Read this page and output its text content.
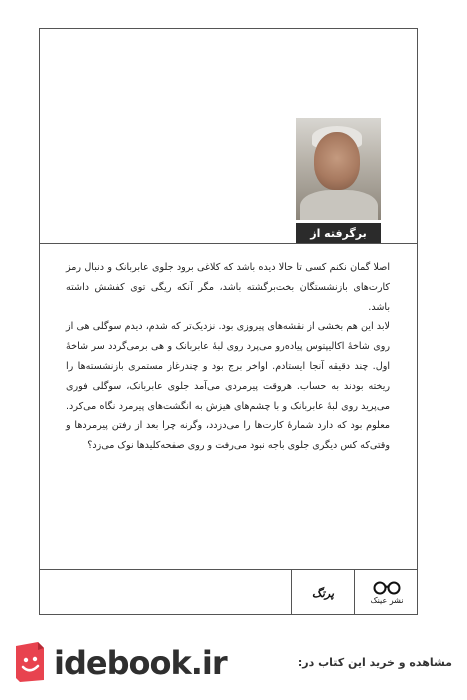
برگرفته از کتاب:

اصلا گمان نکنم کسی تا حالا دیده باشد که کلاغی برود جلوی عابربانک و دنبال رمز کارت‌های بازنشستگان بخت‌برگشته باشد، مگر آنکه ریگی توی کفشش داشته باشد.

لابد این هم بخشی از نقشه‌های پیروزی بود. نزدیک‌تر که شدم، دیدم سوگلی هی از روی شاخهٔ اکالیپتوس پیاده‌رو می‌پرد روی لبهٔ عابربانک و هی برمی‌گردد سر شاخهٔ اول. چند دقیقه آنجا ایستادم. اواخر برج بود و چندرغاز مستمری بازنشسته‌ها را ریخته بودند به حساب. هروقت پیرمردی می‌آمد جلوی عابربانک، سوگلی فوری می‌پرید روی لبهٔ عابربانک و با چشم‌های هیزش به انگشت‌های پیرمرد نگاه می‌کرد. معلوم بود که دارد شمارهٔ کارت‌ها را می‌دزدد، وگرنه چرا بعد از رفتن پیرمردها و وقتی‌که کس دیگری جلوی باجه نبود می‌رفت و روی صفحه‌کلیدها نوک می‌زد؟

نشر عینک
پرتگ
idebook.ir	مشاهده و خرید این کتاب در:
